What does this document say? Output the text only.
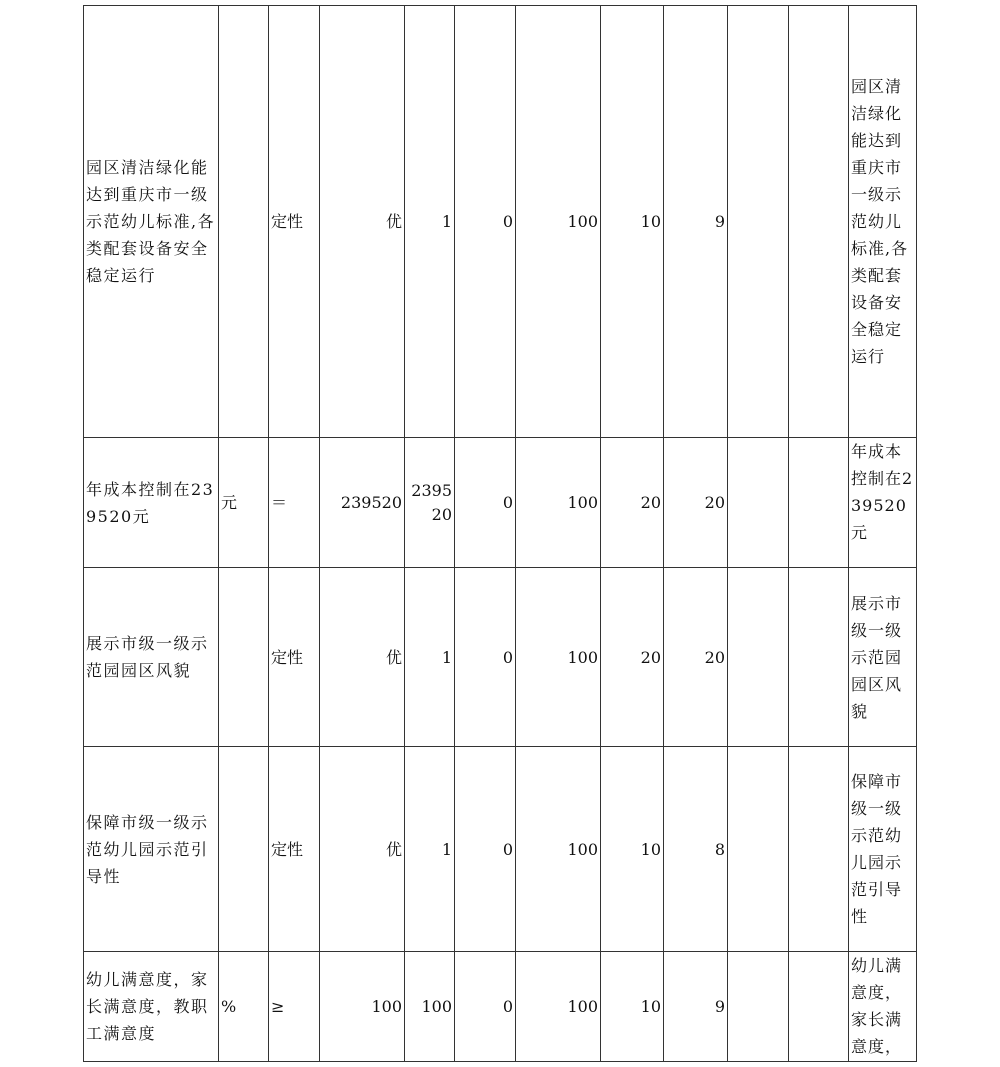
园区清洁绿化能达到重庆市一级示范幼儿标准,各类配套设备安全稳定运行		定性	优	1	0	100	10	9			园区清洁绿化能达到重庆市一级示范幼儿标准,各类配套设备安全稳定运行
年成本控制在239520元	元	＝	239520	239520	0	100	20	20			年成本控制在239520元
展示市级一级示范园园区风貌		定性	优	1	0	100	20	20			展示市级一级示范园园区风貌
保障市级一级示范幼儿园示范引导性		定性	优	1	0	100	10	8			保障市级一级示范幼儿园示范引导性
幼儿满意度，家长满意度，教职工满意度	%	≥	100	100	0	100	10	9			幼儿满意度，家长满意度，
